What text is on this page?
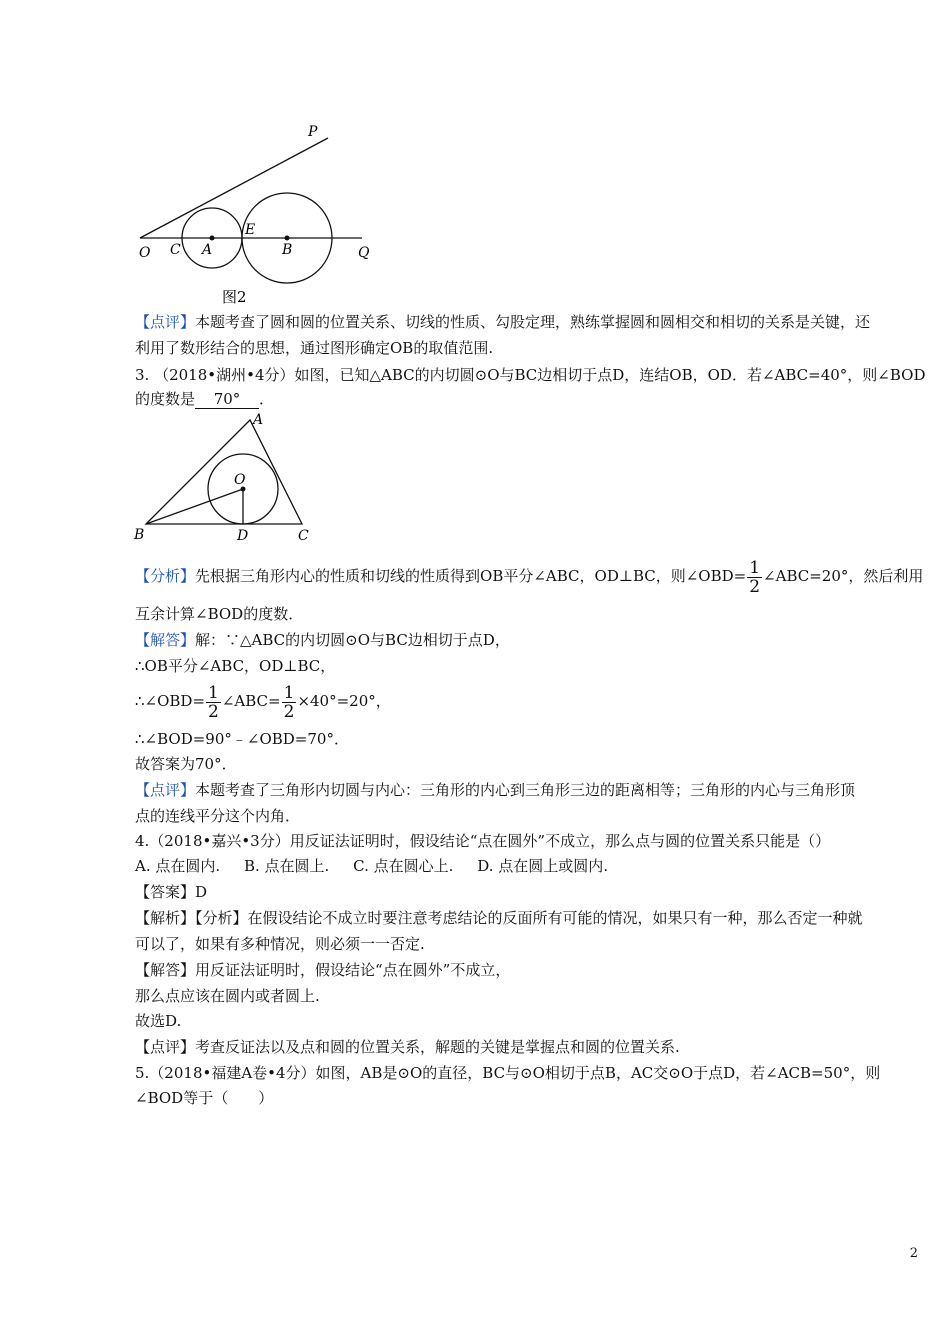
P
O C A
E
B	Q
图2
【点评】本题考查了圆和圆的位置关系、切线的性质、勾股定理，熟练掌握圆和圆相交和相切的关系是关键，还
利用了数形结合的思想，通过图形确定OB的取值范围.
3. （2018•湖州•4分）如图，已知△ABC的内切圆⊙O与BC边相切于点D，连结OB，OD．若∠ABC=40°，则∠BOD
的度数是 70° ．
A
O
B	D	C
【分析】先根据三角形内心的性质和切线的性质得到OB平分∠ABC，OD⊥BC，则∠OBD= $\frac{1}{2}$ ∠ABC=20°，然后利用
互余计算∠BOD的度数．
【解答】解：∵△ABC的内切圆⊙O与BC边相切于点D，
∴OB平分∠ABC，OD⊥BC，
∴∠OBD= $\frac{1}{2}$ ∠ABC= $\frac{1}{2} \times 40^\circ=20^\circ$，
∴∠BOD=90°﹣∠OBD=70°．
故答案为70°．
【点评】本题考查了三角形内切圆与内心：三角形的内心到三角形三边的距离相等；三角形的内心与三角形顶
点的连线平分这个内角．
4.（2018•嘉兴•3分）用反证法证明时，假设结论“点在圆外”不成立，那么点与圆的位置关系只能是（）
A. 点在圆内.     B. 点在圆上.     C. 点在圆心上.     D. 点在圆上或圆内.
【答案】D
【解析】【分析】在假设结论不成立时要注意考虑结论的反面所有可能的情况，如果只有一种，那么否定一种就
可以了，如果有多种情况，则必须一一否定.
【解答】用反证法证明时，假设结论“点在圆外”不成立，
那么点应该在圆内或者圆上.
故选D.
【点评】考查反证法以及点和圆的位置关系，解题的关键是掌握点和圆的位置关系.
5.（2018•福建A卷•4分）如图，AB是⊙O的直径，BC与⊙O相切于点B，AC交⊙O于点D，若∠ACB=50°，则
∠BOD等于（　　）
2
